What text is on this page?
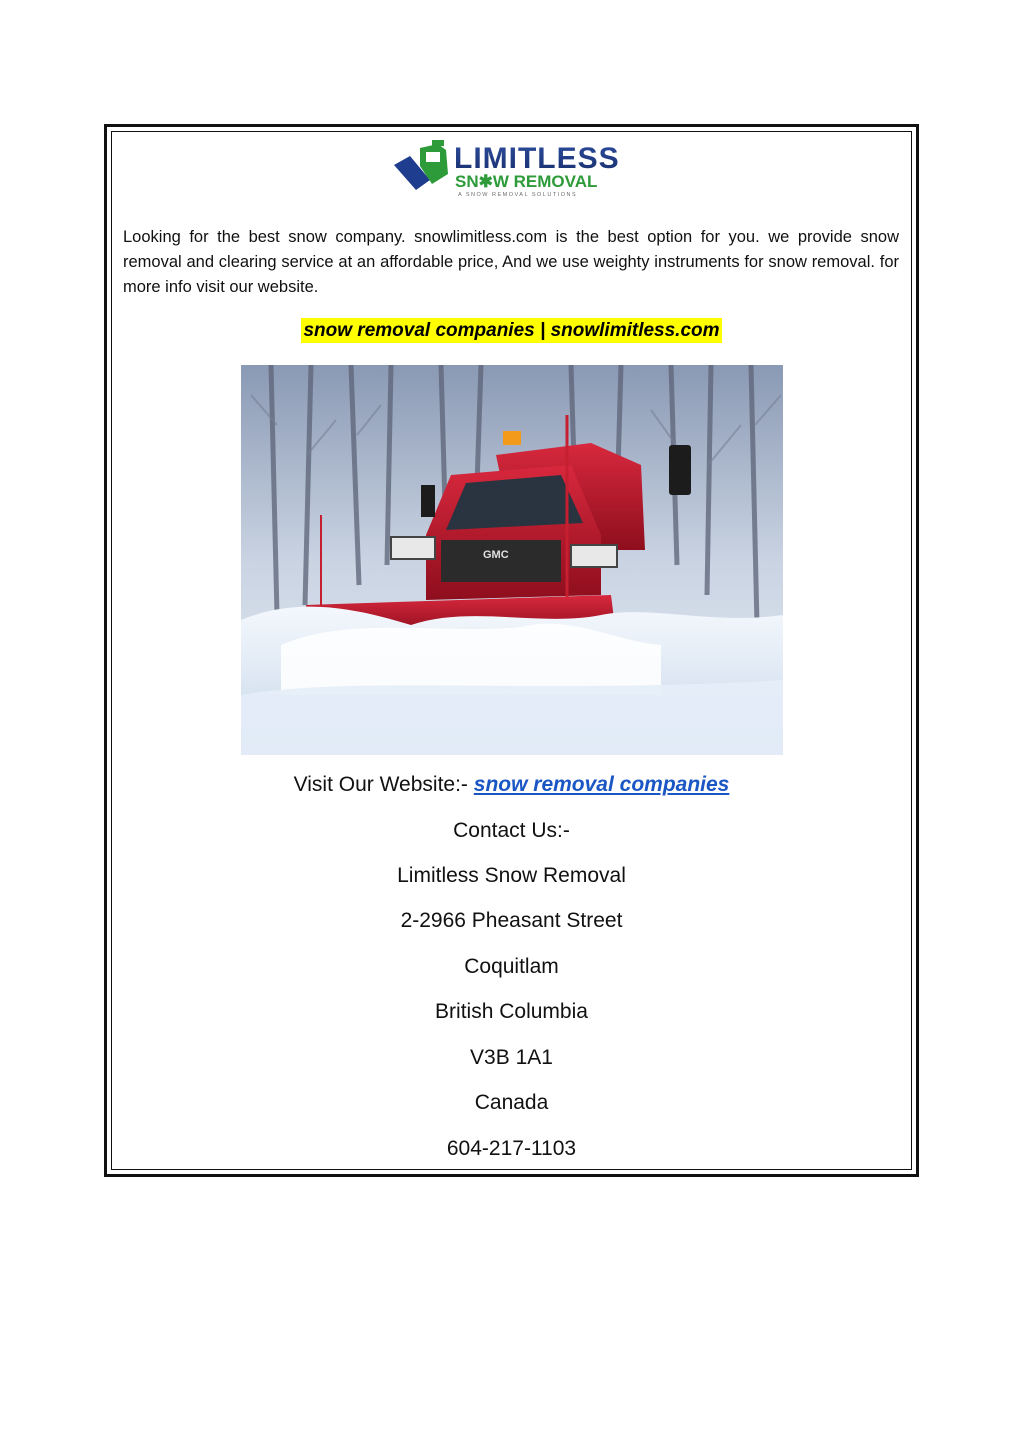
LIMITLESS
SN✱W REMOVAL
A SNOW REMOVAL SOLUTIONS

Looking for the best snow company. snowlimitless.com is the best option for you. we provide snow removal and clearing service at an affordable price, And we use weighty instruments for snow removal. for more info visit our website.

snow removal companies | snowlimitless.com
GMC
Visit Our Website:- snow removal companies
Contact Us:-
Limitless Snow Removal
2-2966 Pheasant Street
Coquitlam
British Columbia
V3B 1A1
Canada
604-217-1103
